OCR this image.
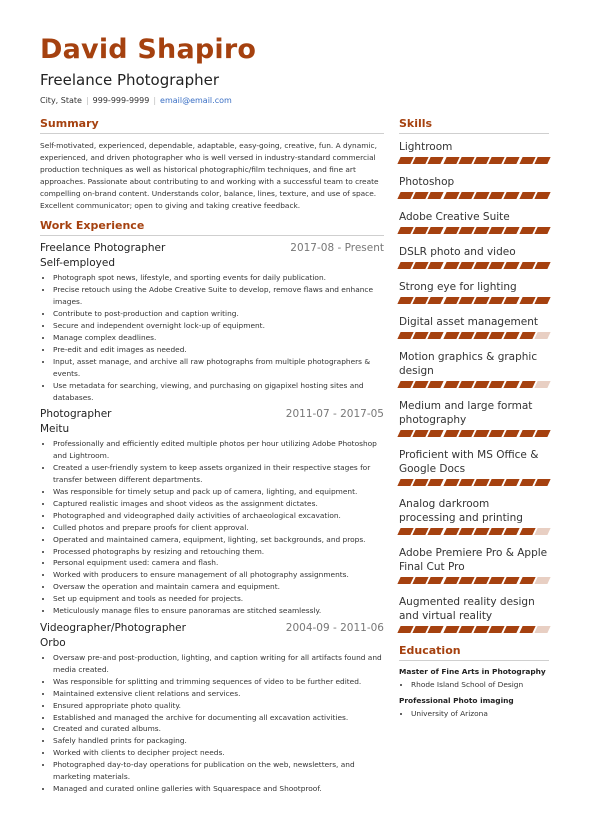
David Shapiro
Freelance Photographer
City, State | 999-999-9999 | email@email.com
Summary

Self-motivated, experienced, dependable, adaptable, easy-going, creative, fun. A dynamic, experienced, and driven photographer who is well versed in industry-standard commercial production techniques as well as historical photographic/film techniques, and fine art approaches. Passionate about contributing to and working with a successful team to create compelling on-brand content. Understands color, balance, lines, texture, and use of space. Excellent communicator; open to giving and taking creative feedback.

Work Experience
Freelance Photographer	2017-08 - Present
Self-employed
• Photograph spot news, lifestyle, and sporting events for daily publication.
• Precise retouch using the Adobe Creative Suite to develop, remove flaws and enhance images.
• Contribute to post-production and caption writing.
• Secure and independent overnight lock-up of equipment.
• Manage complex deadlines.
• Pre-edit and edit images as needed.
• Input, asset manage, and archive all raw photographs from multiple photographers & events.
• Use metadata for searching, viewing, and purchasing on gigapixel hosting sites and databases.
Photographer	2011-07 - 2017-05
Meitu
• Professionally and efficiently edited multiple photos per hour utilizing Adobe Photoshop and Lightroom.
• Created a user-friendly system to keep assets organized in their respective stages for transfer between different departments.
• Was responsible for timely setup and pack up of camera, lighting, and equipment.
• Captured realistic images and shoot videos as the assignment dictates.
• Photographed and videographed daily activities of archaeological excavation.
• Culled photos and prepare proofs for client approval.
• Operated and maintained camera, equipment, lighting, set backgrounds, and props.
• Processed photographs by resizing and retouching them.
• Personal equipment used: camera and flash.
• Worked with producers to ensure management of all photography assignments.
• Oversaw the operation and maintain camera and equipment.
• Set up equipment and tools as needed for projects.
• Meticulously manage files to ensure panoramas are stitched seamlessly.
Videographer/Photographer	2004-09 - 2011-06
Orbo
• Oversaw pre-and post-production, lighting, and caption writing for all artifacts found and media created.
• Was responsible for splitting and trimming sequences of video to be further edited.
• Maintained extensive client relations and services.
• Ensured appropriate photo quality.
• Established and managed the archive for documenting all excavation activities.
• Created and curated albums.
• Safely handled prints for packaging.
• Worked with clients to decipher project needs.
• Photographed day-to-day operations for publication on the web, newsletters, and marketing materials.
• Managed and curated online galleries with Squarespace and Shootproof.
Skills
Lightroom
Photoshop
Adobe Creative Suite
DSLR photo and video
Strong eye for lighting
Digital asset management
Motion graphics & graphic design
Medium and large format photography
Proficient with MS Office & Google Docs
Analog darkroom processing and printing
Adobe Premiere Pro & Apple Final Cut Pro
Augmented reality design and virtual reality
Education
Master of Fine Arts in Photography
• Rhode Island School of Design
Professional Photo imaging
• University of Arizona
